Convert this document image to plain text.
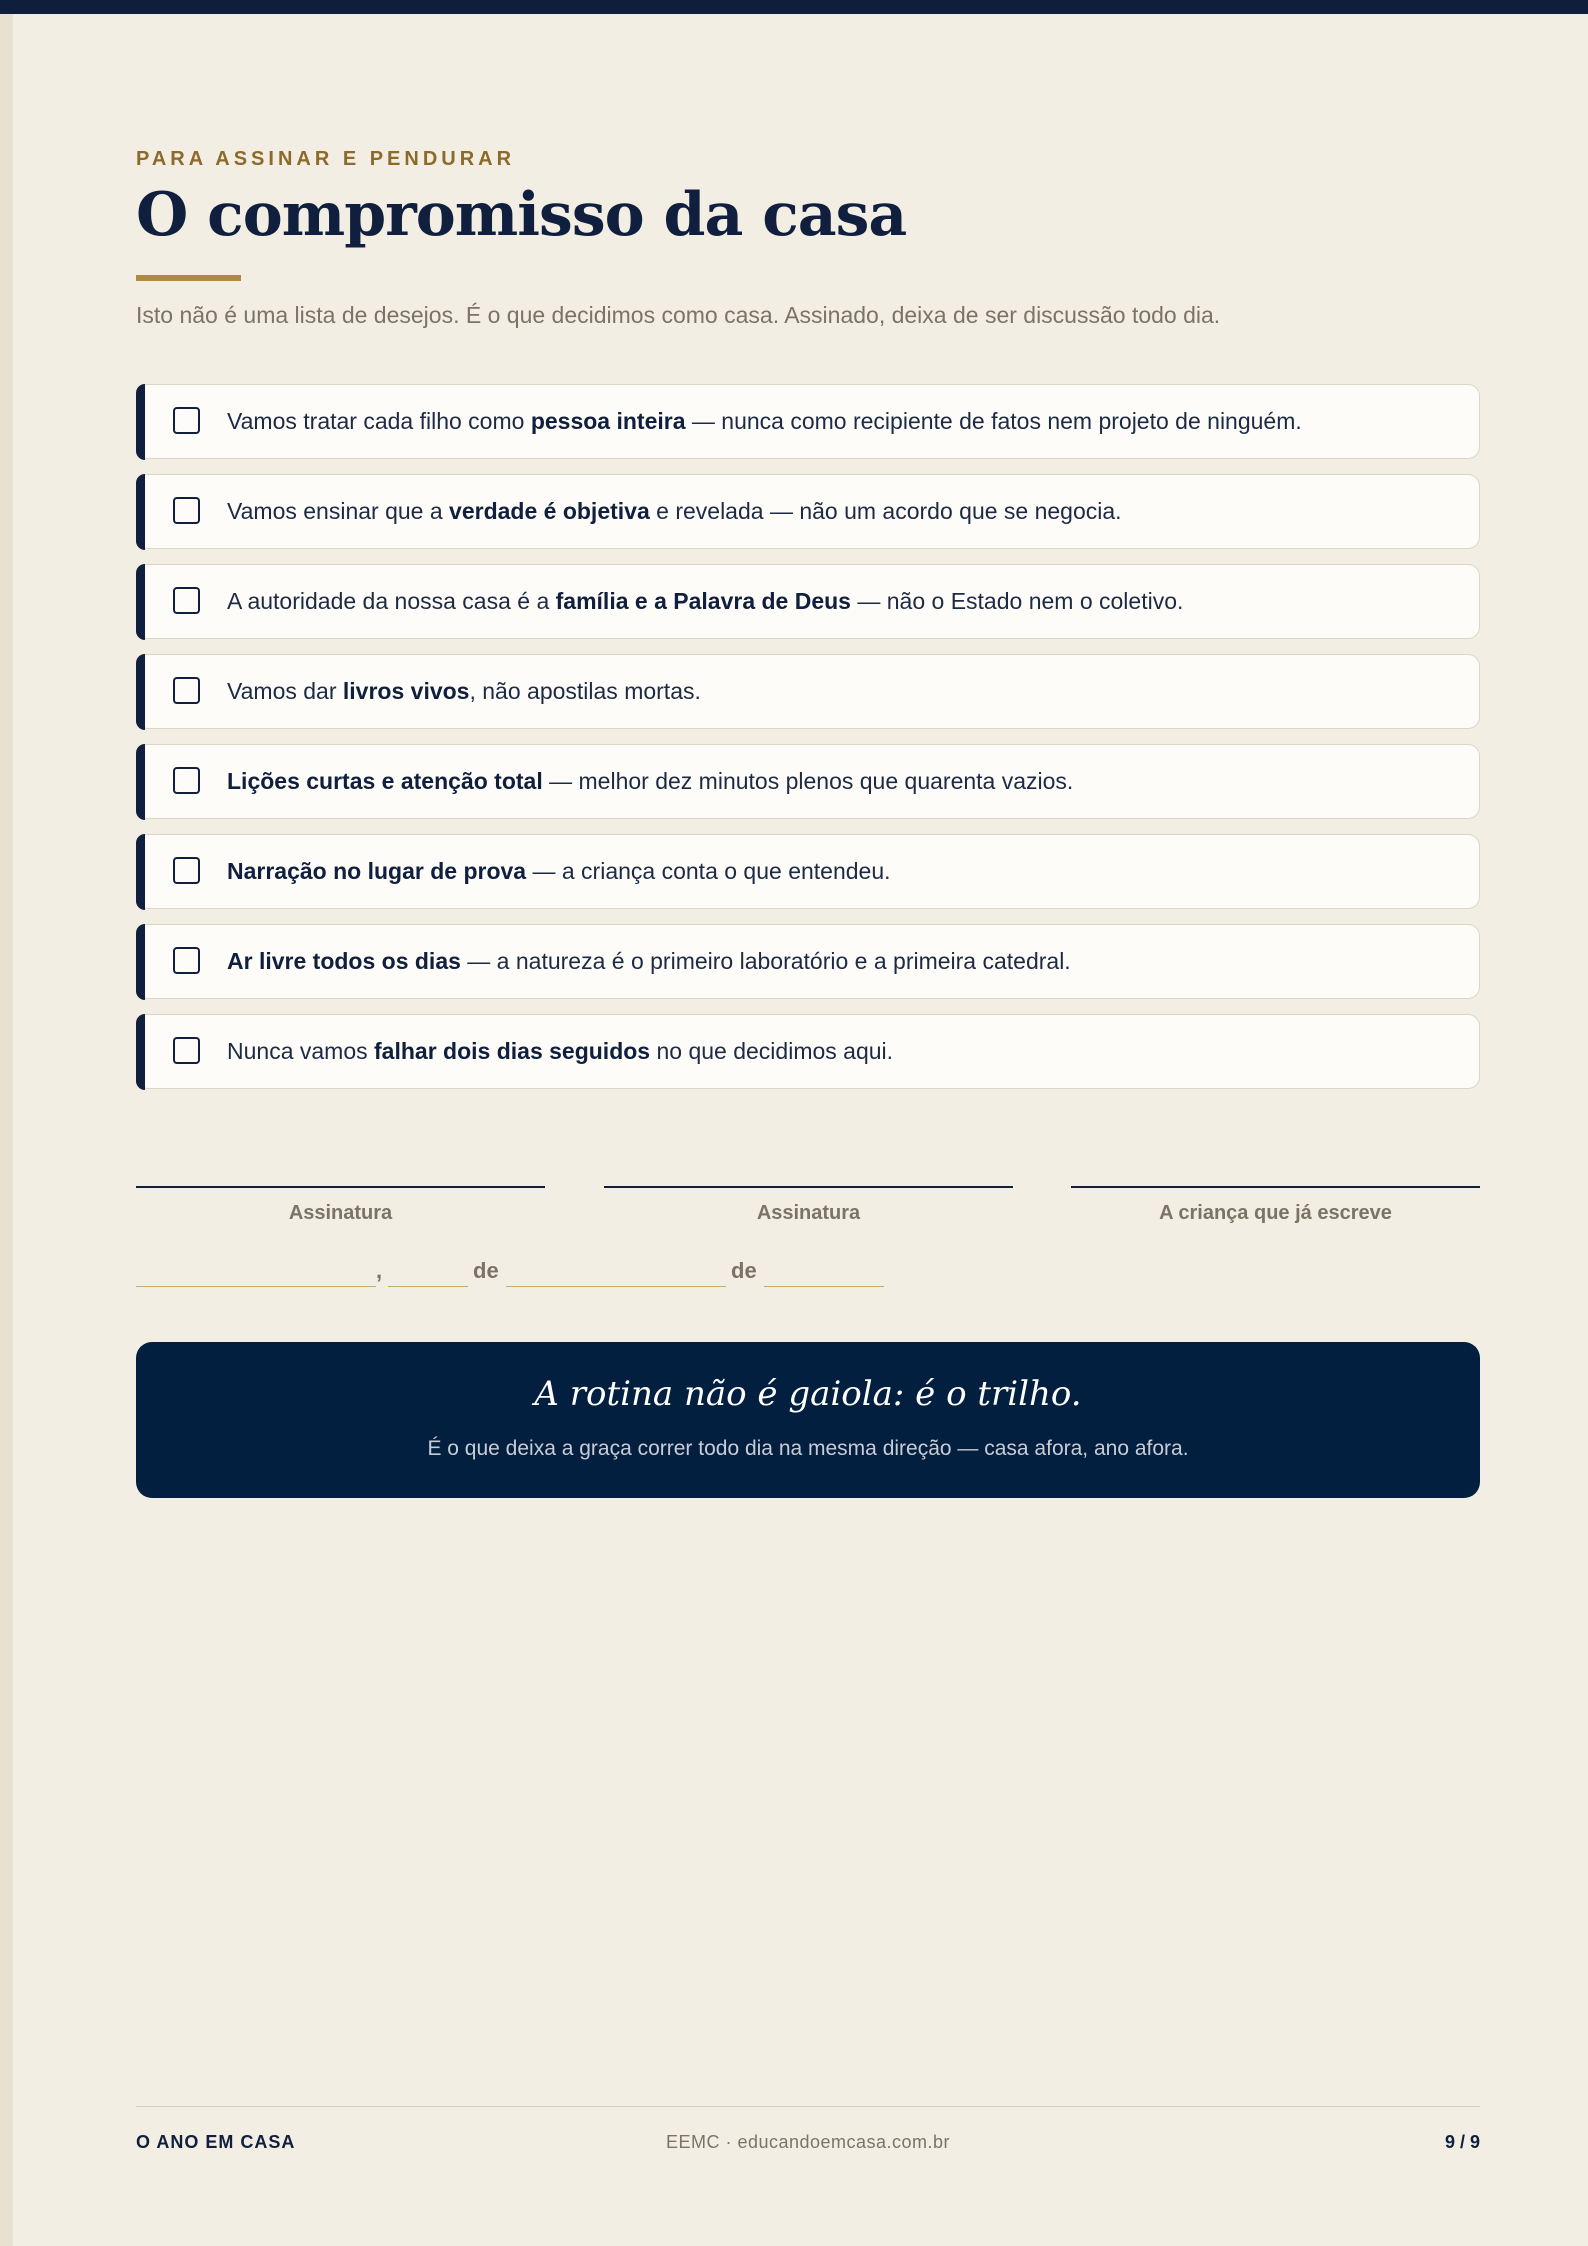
PARA ASSINAR E PENDURAR
O compromisso da casa
Isto não é uma lista de desejos. É o que decidimos como casa. Assinado, deixa de ser discussão todo dia.
Vamos tratar cada filho como pessoa inteira — nunca como recipiente de fatos nem projeto de ninguém.
Vamos ensinar que a verdade é objetiva e revelada — não um acordo que se negocia.
A autoridade da nossa casa é a família e a Palavra de Deus — não o Estado nem o coletivo.
Vamos dar livros vivos, não apostilas mortas.
Lições curtas e atenção total — melhor dez minutos plenos que quarenta vazios.
Narração no lugar de prova — a criança conta o que entendeu.
Ar livre todos os dias — a natureza é o primeiro laboratório e a primeira catedral.
Nunca vamos falhar dois dias seguidos no que decidimos aqui.
Assinatura	Assinatura	A criança que já escreve
,	de	de
A rotina não é gaiola: é o trilho.
É o que deixa a graça correr todo dia na mesma direção — casa afora, ano afora.
O ANO EM CASA	EEMC · educandoemcasa.com.br	9 / 9
